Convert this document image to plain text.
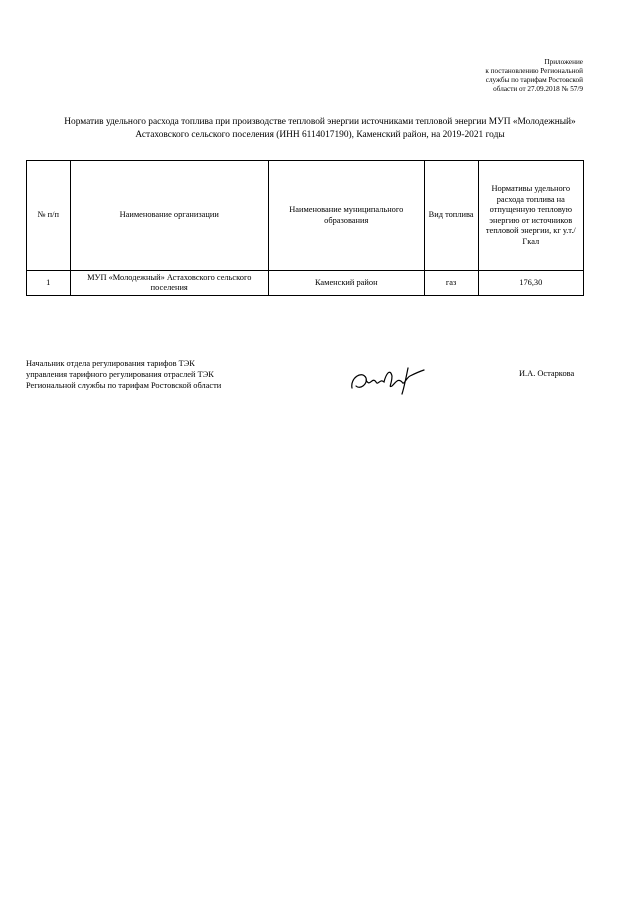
Приложение
к постановлению Региональной
службы по тарифам Ростовской
области от 27.09.2018 № 57/9
Норматив удельного расхода топлива при производстве тепловой энергии источниками тепловой энергии МУП «Молодежный»
Астаховского сельского поселения (ИНН 6114017190), Каменский район, на 2019-2021 годы
№ п/п	Наименование организации	Наименование муниципального образования	Вид топлива	Нормативы удельного расхода топлива на отпущенную тепловую энергию от источников тепловой энергии, кг у.т./Гкал
1	МУП «Молодежный» Астаховского сельского поселения	Каменский район	газ	176,30
Начальник отдела регулирования тарифов ТЭК
управления тарифного регулирования отраслей ТЭК
Региональной службы по тарифам Ростовской области
И.А. Остаркова
